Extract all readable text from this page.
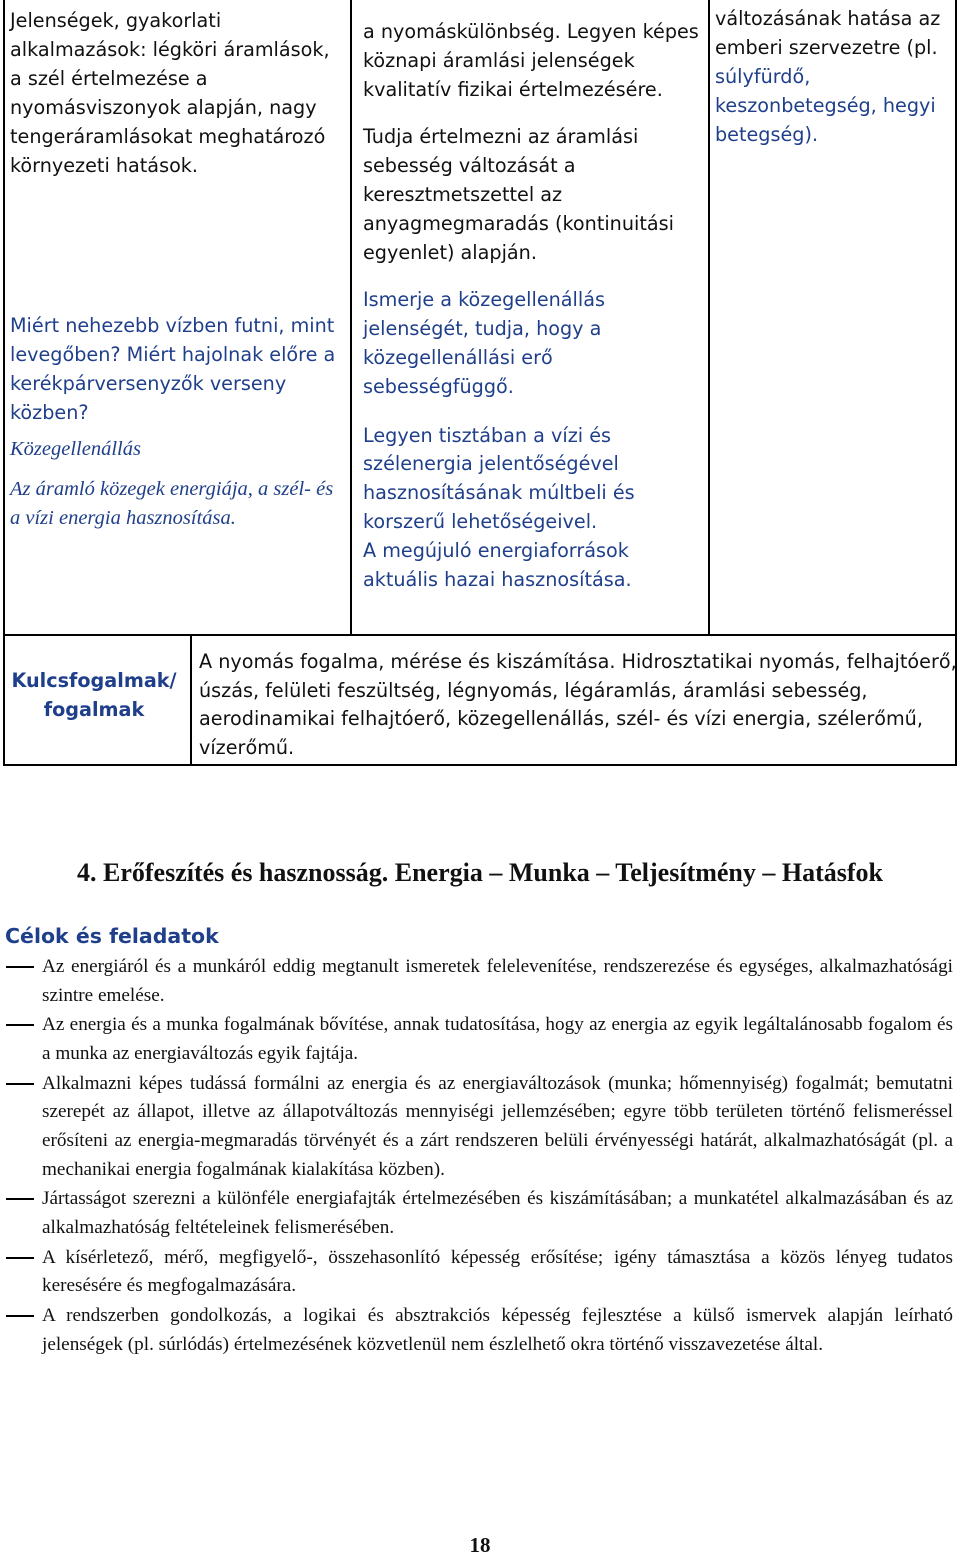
Jelenségek, gyakorlati alkalmazások: légköri áramlások, a szél értelmezése a nyomásviszonyok alapján, nagy tengeráramlásokat meghatározó környezeti hatások.

Miért nehezebb vízben futni, mint levegőben? Miért hajolnak előre a kerékpárversenyzők verseny közben?

Közegellenállás

Az áramló közegek energiája, a szél- és a vízi energia hasznosítása.

a nyomáskülönbség. Legyen képes köznapi áramlási jelenségek kvalitatív fizikai értelmezésére.

Tudja értelmezni az áramlási sebesség változását a keresztmetszettel az anyagmegmaradás (kontinuitási egyenlet) alapján.

Ismerje a közegellenállás jelenségét, tudja, hogy a közegellenállási erő sebességfüggő.

Legyen tisztában a vízi és szélenergia jelentőségével hasznosításának múltbeli és korszerű lehetőségeivel.

A megújuló energiaforrások aktuális hazai hasznosítása.

változásának hatása az emberi szervezetre (pl. súlyfürdő, keszonbetegség, hegyi betegség).

Kulcsfogalmak/
fogalmak
A nyomás fogalma, mérése és kiszámítása. Hidrosztatikai nyomás, felhajtóerő, úszás, felületi feszültség, légnyomás, légáramlás, áramlási sebesség, aerodinamikai felhajtóerő, közegellenállás, szél- és vízi energia, szélerőmű, vízerőmű.
4. Erőfeszítés és hasznosság. Energia – Munka – Teljesítmény – Hatásfok
Célok és feladatok
Az energiáról és a munkáról eddig megtanult ismeretek felelevenítése, rendszerezése és egységes, alkalmazhatósági szintre emelése.
Az energia és a munka fogalmának bővítése, annak tudatosítása, hogy az energia az egyik legáltalánosabb fogalom és a munka az energiaváltozás egyik fajtája.
Alkalmazni képes tudássá formálni az energia és az energiaváltozások (munka; hőmennyiség) fogalmát; bemutatni szerepét az állapot, illetve az állapotváltozás mennyiségi jellemzésében; egyre több területen történő felismeréssel erősíteni az energia-megmaradás törvényét és a zárt rendszeren belüli érvényességi határát, alkalmazhatóságát (pl. a mechanikai energia fogalmának kialakítása közben).
Jártasságot szerezni a különféle energiafajták értelmezésében és kiszámításában; a munkatétel alkalmazásában és az alkalmazhatóság feltételeinek felismerésében.
A kísérletező, mérő, megfigyelő-, összehasonlító képesség erősítése; igény támasztása a közös lényeg tudatos keresésére és megfogalmazására.
A rendszerben gondolkozás, a logikai és absztrakciós képesség fejlesztése a külső ismervek alapján leírható jelenségek (pl. súrlódás) értelmezésének közvetlenül nem észlelhető okra történő visszavezetése által.
18
